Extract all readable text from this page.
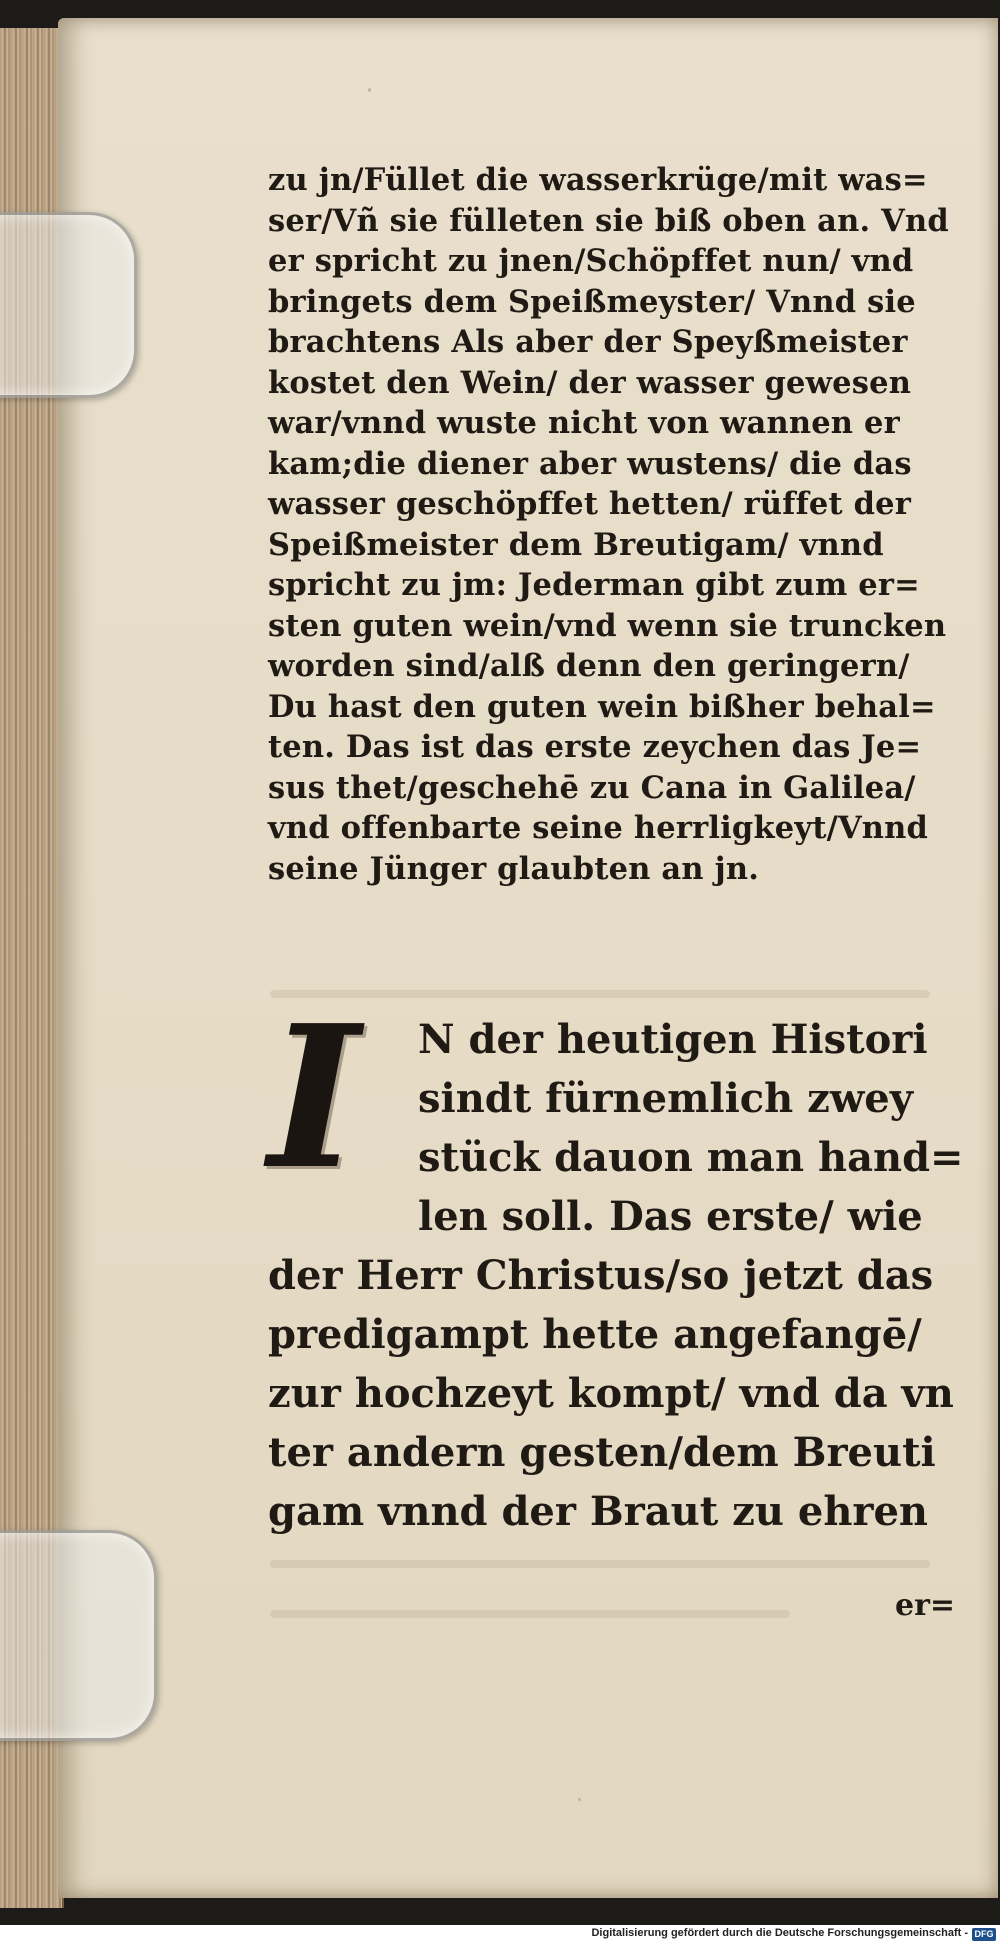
zu jn/Füllet die wasserkrüge/mit was=
ser/Vñ sie fülleten sie biß oben an. Vnd
er spricht zu jnen/Schöpffet nun/ vnd
bringets dem Speißmeyster/ Vnnd sie
brachtens Als aber der Speyßmeister
kostet den Wein/ der wasser gewesen
war/vnnd wuste nicht von wannen er
kam;die diener aber wustens/ die das
wasser geschöpffet hetten/ rüffet der
Speißmeister dem Breutigam/ vnnd
spricht zu jm: Jederman gibt zum er=
sten guten wein/vnd wenn sie truncken
worden sind/alß denn den geringern/
Du hast den guten wein bißher behal=
ten. Das ist das erste zeychen das Je=
sus thet/geschehē zu Cana in Galilea/
vnd offenbarte seine herrligkeyt/Vnnd
seine Jünger glaubten an jn.
I	N der heutigen Histori
sindt fürnemlich zwey
stück dauon man hand=
len soll. Das erste/ wie
der Herr Christus/so jetzt das
predigampt hette angefangē/
zur hochzeyt kompt/ vnd da vn
ter andern gesten/dem Breuti
gam vnnd der Braut zu ehren
er=
Digitalisierung gefördert durch die Deutsche Forschungsgemeinschaft - DFG
